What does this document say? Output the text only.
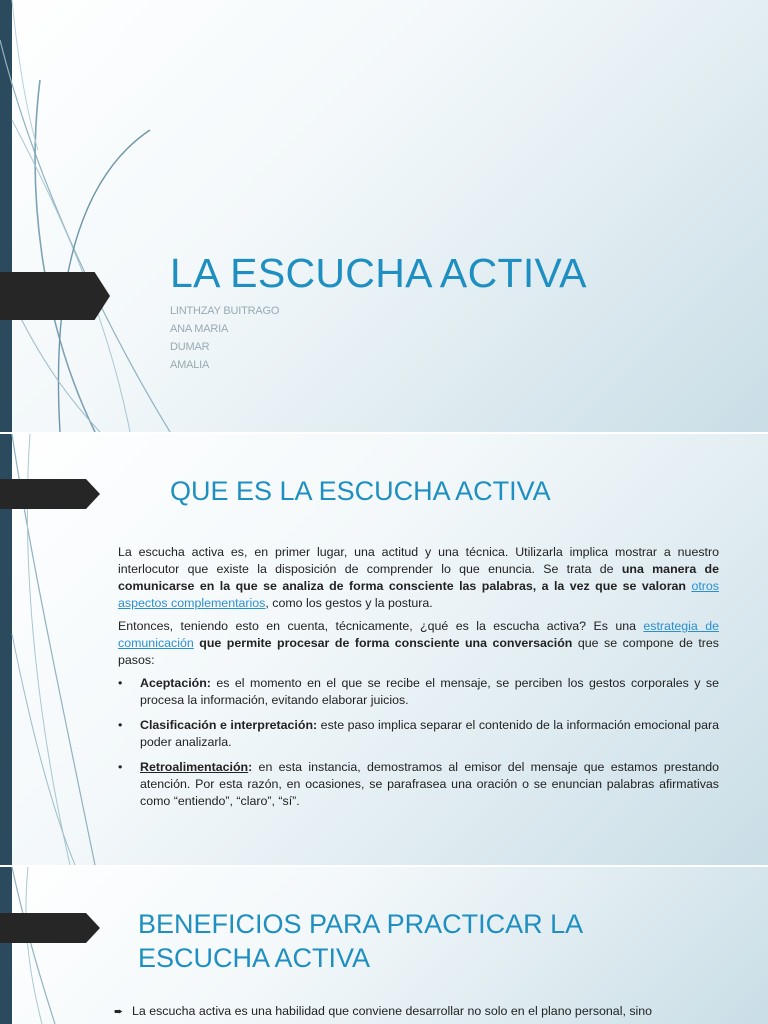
LA ESCUCHA ACTIVA
LINTHZAY BUITRAGO
ANA MARIA
DUMAR
AMALIA
QUE ES LA ESCUCHA ACTIVA

La escucha activa es, en primer lugar, una actitud y una técnica. Utilizarla implica mostrar a nuestro interlocutor que existe la disposición de comprender lo que enuncia. Se trata de una manera de comunicarse en la que se analiza de forma consciente las palabras, a la vez que se valoran otros aspectos complementarios, como los gestos y la postura.

Entonces, teniendo esto en cuenta, técnicamente, ¿qué es la escucha activa? Es una estrategia de comunicación que permite procesar de forma consciente una conversación que se compone de tres pasos:

• Aceptación: es el momento en el que se recibe el mensaje, se perciben los gestos corporales y se procesa la información, evitando elaborar juicios.
• Clasificación e interpretación: este paso implica separar el contenido de la información emocional para poder analizarla.
• Retroalimentación: en esta instancia, demostramos al emisor del mensaje que estamos prestando atención. Por esta razón, en ocasiones, se parafrasea una oración o se enuncian palabras afirmativas como “entiendo”, “claro”, “sí”.
BENEFICIOS PARA PRACTICAR LA ESCUCHA ACTIVA
➨ La escucha activa es una habilidad que conviene desarrollar no solo en el plano personal, sino
